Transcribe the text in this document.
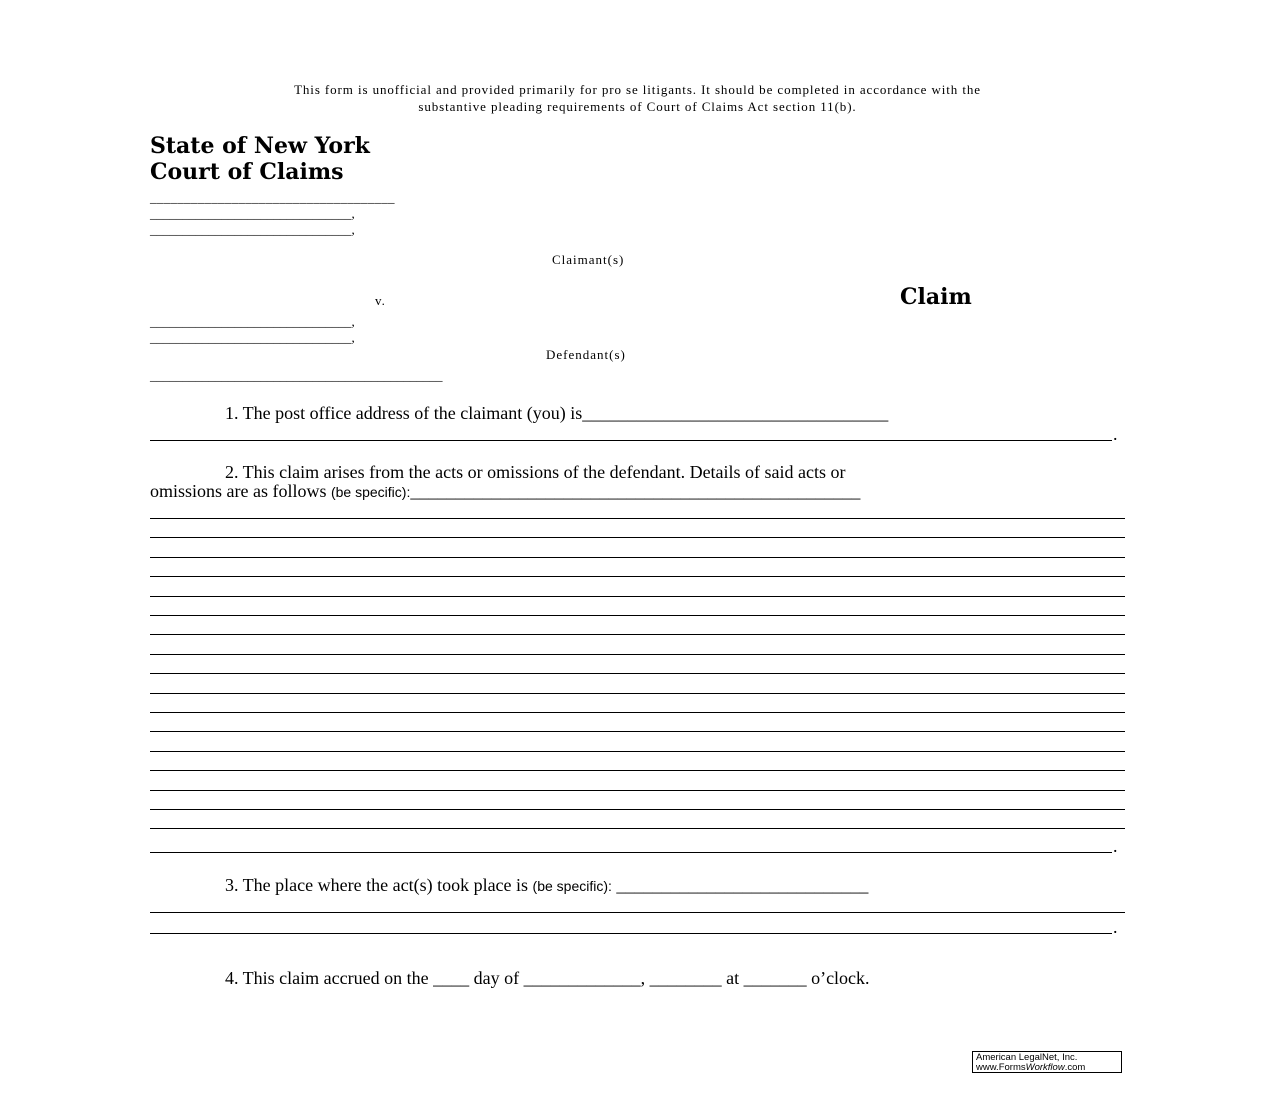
This form is unofficial and provided primarily for pro se litigants. It should be completed in accordance with the
substantive pleading requirements of Court of Claims Act section 11(b).
State of New York
Court of Claims
____________________________________
_______________________________,
_______________________________,
Claimant(s)
v.	Claim
_______________________________,
_______________________________,
Defendant(s)
_____________________________________________
1. The post office address of the claimant (you) is__________________________________
.
2. This claim arises from the acts or omissions of the defendant. Details of said acts or
omissions are as follows (be specific):__________________________________________________
.
3. The place where the act(s) took place is (be specific): ____________________________
.
4. This claim accrued on the ____ day of _____________, ________ at _______ o’clock.
American LegalNet, Inc.
www.FormsWorkflow.com
